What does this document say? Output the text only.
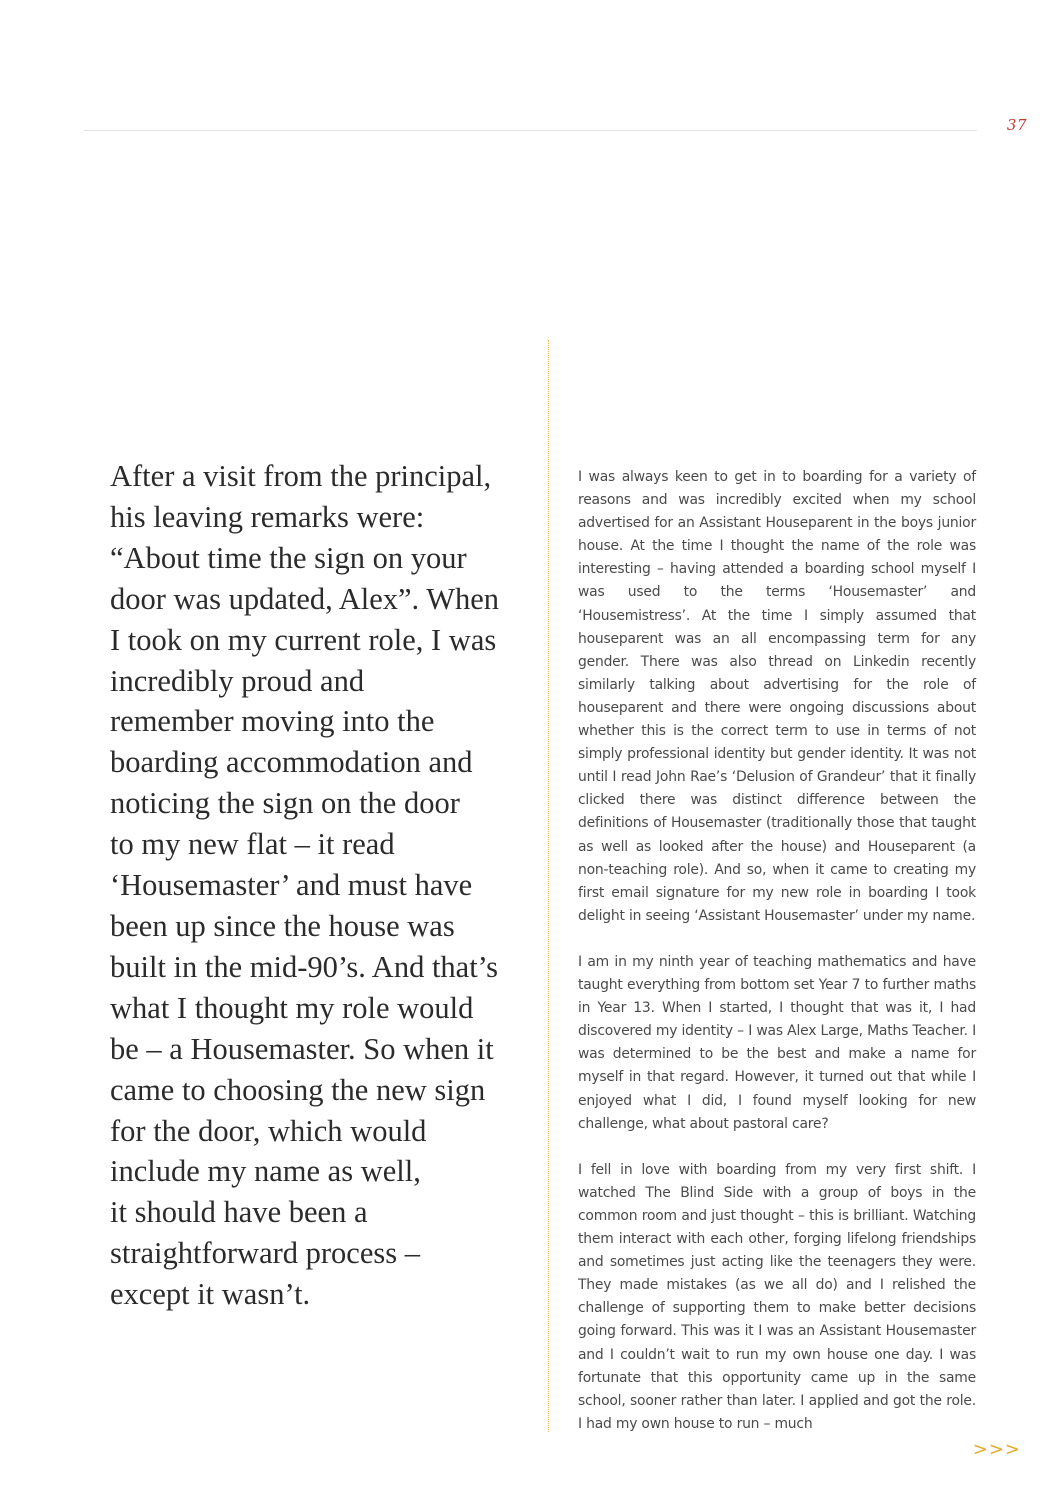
37
After a visit from the principal,
his leaving remarks were:
“About time the sign on your
door was updated, Alex”. When
I took on my current role, I was
incredibly proud and
remember moving into the
boarding accommodation and
noticing the sign on the door
to my new flat – it read
‘Housemaster’ and must have
been up since the house was
built in the mid-90’s. And that’s
what I thought my role would
be – a Housemaster. So when it
came to choosing the new sign
for the door, which would
include my name as well,
it should have been a
straightforward process –
except it wasn’t.

I was always keen to get in to boarding for a variety of reasons and was incredibly excited when my school advertised for an Assistant Houseparent in the boys junior house. At the time I thought the name of the role was interesting – having attended a boarding school myself I was used to the terms ‘Housemaster’ and ‘Housemistress’. At the time I simply assumed that houseparent was an all encompassing term for any gender. There was also thread on Linkedin recently similarly talking about advertising for the role of houseparent and there were ongoing discussions about whether this is the correct term to use in terms of not simply professional identity but gender identity. It was not until I read John Rae’s ‘Delusion of Grandeur’ that it finally clicked there was distinct difference between the definitions of Housemaster (traditionally those that taught as well as looked after the house) and Houseparent (a non-teaching role). And so, when it came to creating my first email signature for my new role in boarding I took delight in seeing ‘Assistant Housemaster’ under my name.

I am in my ninth year of teaching mathematics and have taught everything from bottom set Year 7 to further maths in Year 13. When I started, I thought that was it, I had discovered my identity – I was Alex Large, Maths Teacher. I was determined to be the best and make a name for myself in that regard. However, it turned out that while I enjoyed what I did, I found myself looking for new challenge, what about pastoral care?

I fell in love with boarding from my very first shift. I watched The Blind Side with a group of boys in the common room and just thought – this is brilliant. Watching them interact with each other, forging lifelong friendships and sometimes just acting like the teenagers they were. They made mistakes (as we all do) and I relished the challenge of supporting them to make better decisions going forward. This was it I was an Assistant Housemaster and I couldn’t wait to run my own house one day. I was fortunate that this opportunity came up in the same school, sooner rather than later. I applied and got the role. I had my own house to run – much

>>>
